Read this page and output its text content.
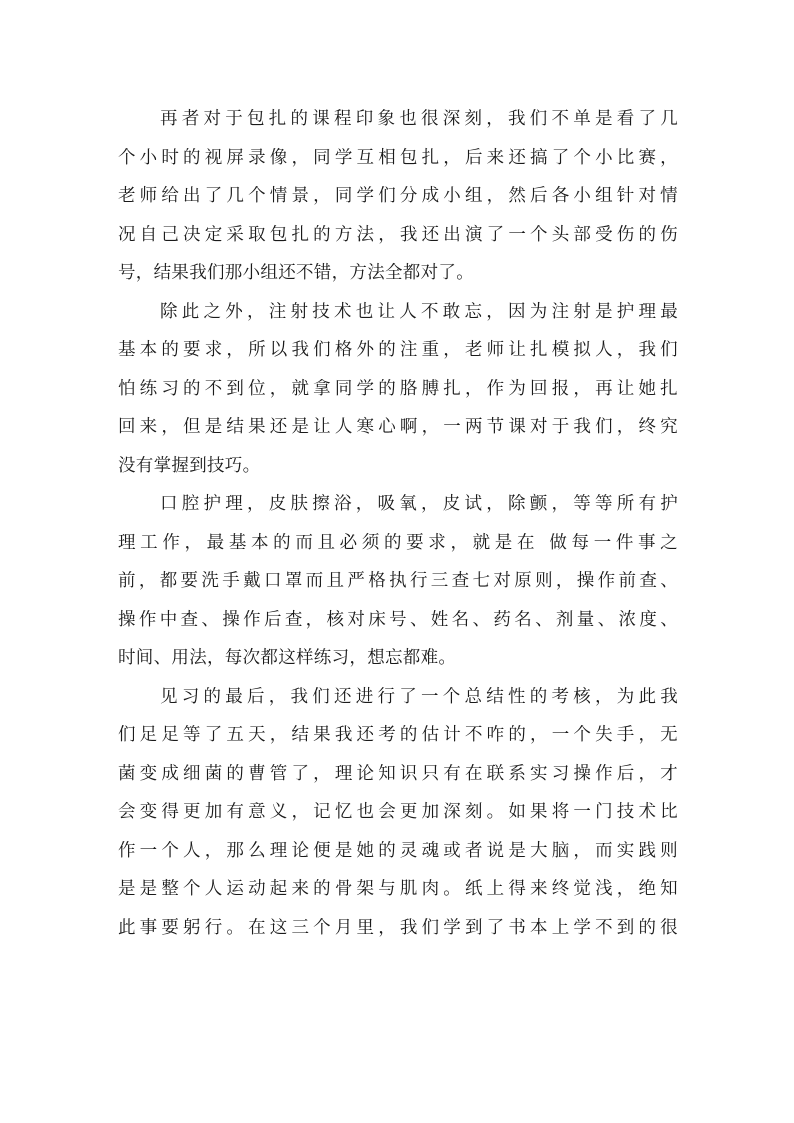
再者对于包扎的课程印象也很深刻，我们不单是看了几
个小时的视屏录像，同学互相包扎，后来还搞了个小比赛，
老师给出了几个情景，同学们分成小组，然后各小组针对情
况自己决定采取包扎的方法，我还出演了一个头部受伤的伤
号，结果我们那小组还不错，方法全都对了。
除此之外，注射技术也让人不敢忘，因为注射是护理最
基本的要求，所以我们格外的注重，老师让扎模拟人，我们
怕练习的不到位，就拿同学的胳膊扎，作为回报，再让她扎
回来，但是结果还是让人寒心啊，一两节课对于我们，终究
没有掌握到技巧。
口腔护理，皮肤擦浴，吸氧，皮试，除颤，等等所有护
理工作，最基本的而且必须的要求，就是在 做每一件事之
前，都要洗手戴口罩而且严格执行三查七对原则，操作前查、
操作中查、操作后查，核对床号、姓名、药名、剂量、浓度、
时间、用法，每次都这样练习，想忘都难。
见习的最后，我们还进行了一个总结性的考核，为此我
们足足等了五天，结果我还考的估计不咋的，一个失手，无
菌变成细菌的曹管了，理论知识只有在联系实习操作后，才
会变得更加有意义，记忆也会更加深刻。如果将一门技术比
作一个人，那么理论便是她的灵魂或者说是大脑，而实践则
是是整个人运动起来的骨架与肌肉。纸上得来终觉浅，绝知
此事要躬行。在这三个月里，我们学到了书本上学不到的很
